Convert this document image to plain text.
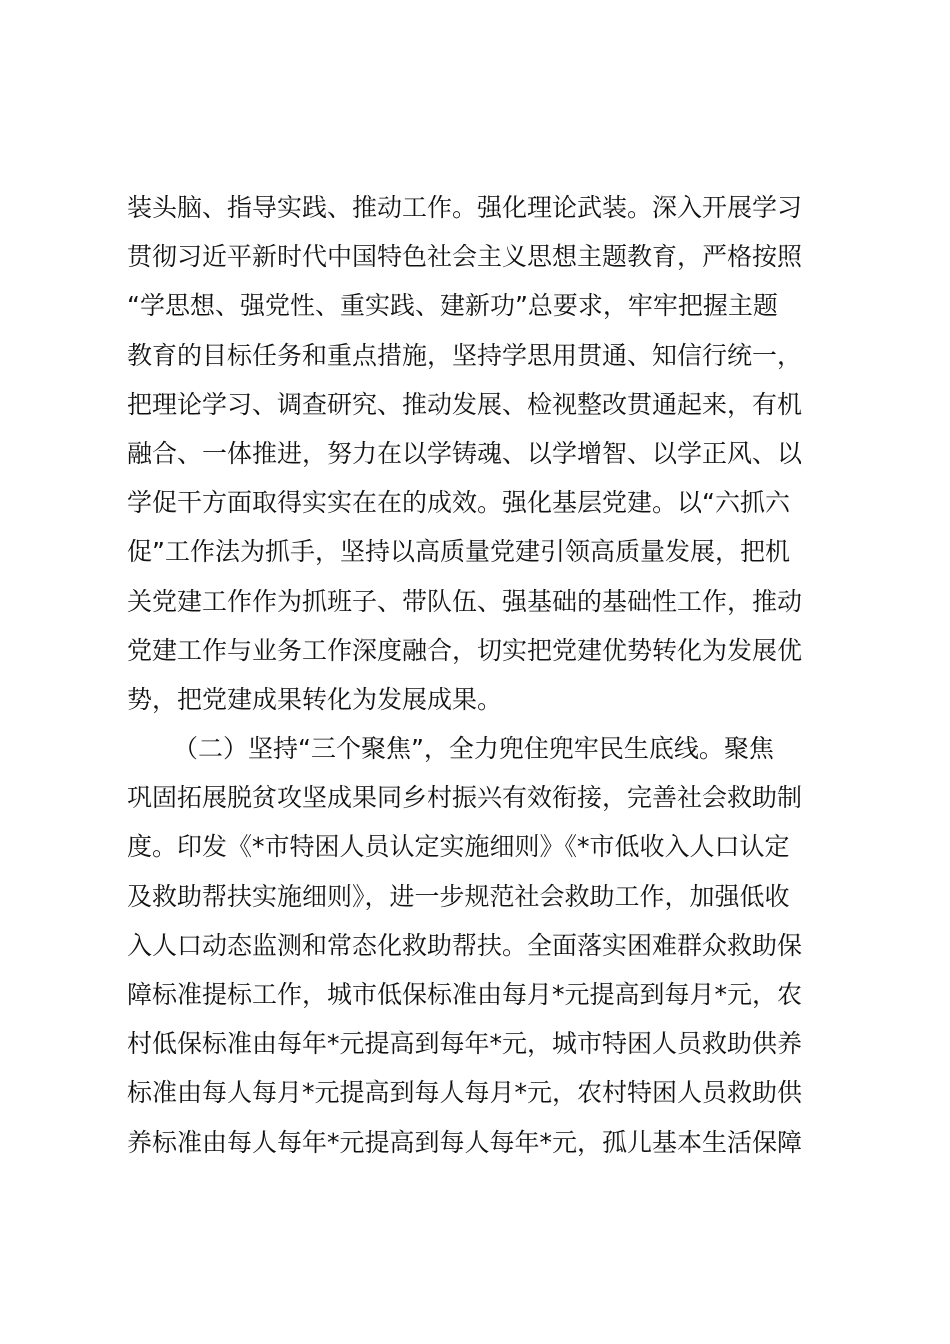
装头脑、指导实践、推动工作。强化理论武装。深入开展学习
贯彻习近平新时代中国特色社会主义思想主题教育，严格按照
“学思想、强党性、重实践、建新功”总要求，牢牢把握主题
教育的目标任务和重点措施，坚持学思用贯通、知信行统一，
把理论学习、调查研究、推动发展、检视整改贯通起来，有机
融合、一体推进，努力在以学铸魂、以学增智、以学正风、以
学促干方面取得实实在在的成效。强化基层党建。以“六抓六
促”工作法为抓手，坚持以高质量党建引领高质量发展，把机
关党建工作作为抓班子、带队伍、强基础的基础性工作，推动
党建工作与业务工作深度融合，切实把党建优势转化为发展优
势，把党建成果转化为发展成果。
（二）坚持“三个聚焦”，全力兜住兜牢民生底线。聚焦
巩固拓展脱贫攻坚成果同乡村振兴有效衔接，完善社会救助制
度。印发《*市特困人员认定实施细则》《*市低收入人口认定
及救助帮扶实施细则》，进一步规范社会救助工作，加强低收
入人口动态监测和常态化救助帮扶。全面落实困难群众救助保
障标准提标工作，城市低保标准由每月*元提高到每月*元，农
村低保标准由每年*元提高到每年*元，城市特困人员救助供养
标准由每人每月*元提高到每人每月*元，农村特困人员救助供
养标准由每人每年*元提高到每人每年*元，孤儿基本生活保障
